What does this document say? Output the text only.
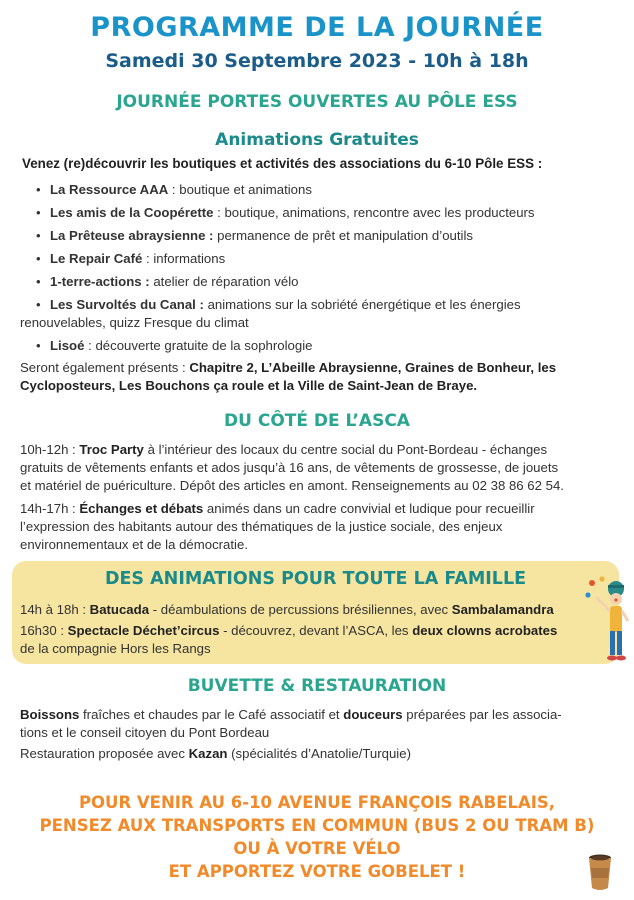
PROGRAMME DE LA JOURNÉE
Samedi 30 Septembre 2023 - 10h à 18h
JOURNÉE PORTES OUVERTES AU PÔLE ESS
Animations Gratuites
Venez (re)découvrir les boutiques et activités des associations du 6-10 Pôle ESS :
• La Ressource AAA : boutique et animations
• Les amis de la Coopérette : boutique, animations, rencontre avec les producteurs
• La Prêteuse abraysienne : permanence de prêt et manipulation d’outils
• Le Repair Café : informations
• 1-terre-actions : atelier de réparation vélo
• Les Survoltés du Canal : animations sur la sobriété énergétique et les énergies
renouvelables, quizz Fresque du climat
• Lisoé : découverte gratuite de la sophrologie
Seront également présents : Chapitre 2, L’Abeille Abraysienne, Graines de Bonheur, les
Cycloposteurs, Les Bouchons ça roule et la Ville de Saint-Jean de Braye.
DU CÔTÉ DE L’ASCA
10h-12h : Troc Party à l’intérieur des locaux du centre social du Pont-Bordeau - échanges
gratuits de vêtements enfants et ados jusqu’à 16 ans, de vêtements de grossesse, de jouets
et matériel de puériculture. Dépôt des articles en amont. Renseignements au 02 38 86 62 54.
14h-17h : Échanges et débats animés dans un cadre convivial et ludique pour recueillir
l’expression des habitants autour des thématiques de la justice sociale, des enjeux
environnementaux et de la démocratie.
DES ANIMATIONS POUR TOUTE LA FAMILLE
14h à 18h : Batucada - déambulations de percussions brésiliennes, avec Sambalamandra
16h30 : Spectacle Déchet’circus - découvrez, devant l’ASCA, les deux clowns acrobates
de la compagnie Hors les Rangs
BUVETTE & RESTAURATION
Boissons fraîches et chaudes par le Café associatif et douceurs préparées par les associa-
tions et le conseil citoyen du Pont Bordeau
Restauration proposée avec Kazan (spécialités d’Anatolie/Turquie)
POUR VENIR AU 6-10 AVENUE FRANÇOIS RABELAIS,
PENSEZ AUX TRANSPORTS EN COMMUN (BUS 2 OU TRAM B)
OU À VOTRE VÉLO
ET APPORTEZ VOTRE GOBELET !
